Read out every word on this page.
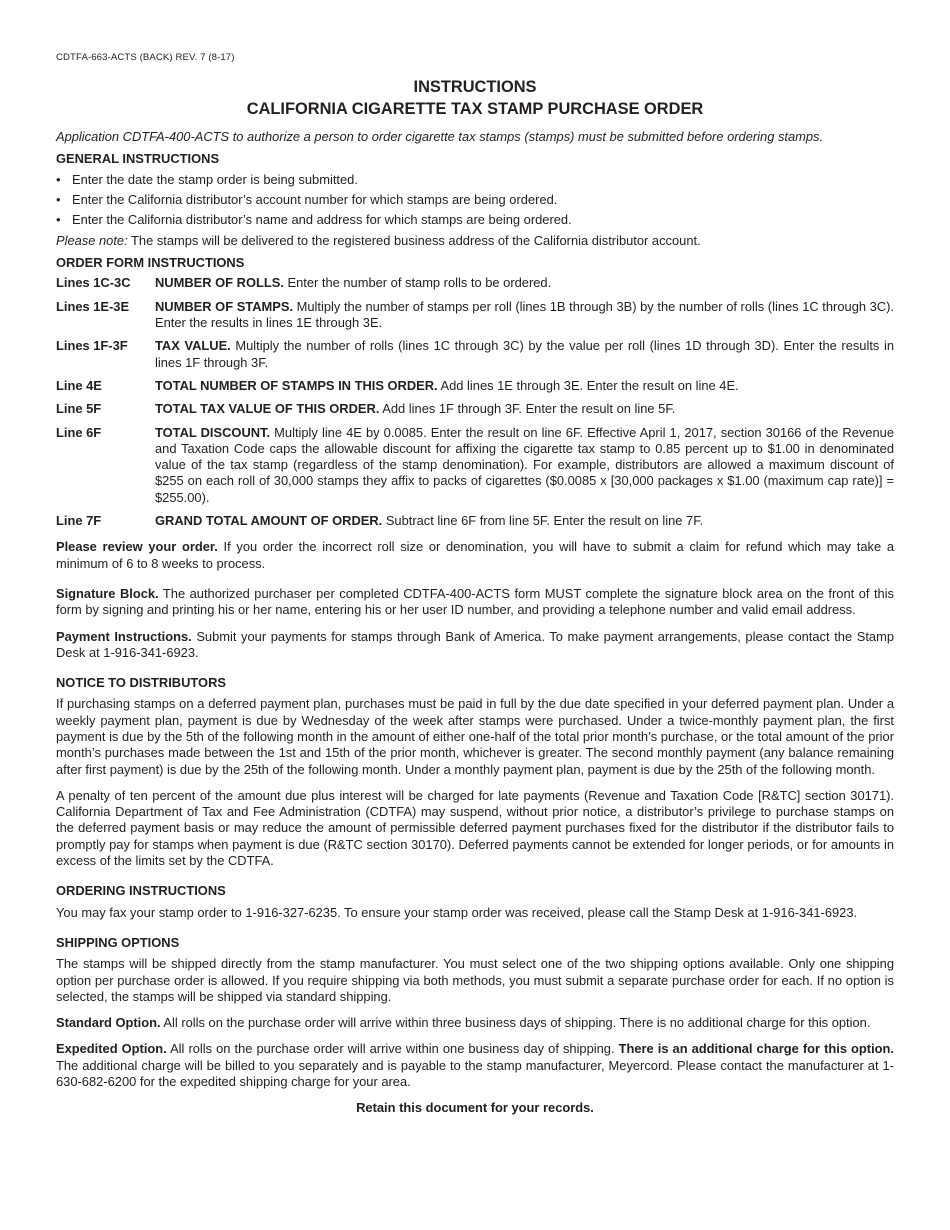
CDTFA-663-ACTS (BACK) REV. 7 (8-17)

INSTRUCTIONS
CALIFORNIA CIGARETTE TAX STAMP PURCHASE ORDER

Application CDTFA-400-ACTS to authorize a person to order cigarette tax stamps (stamps) must be submitted before ordering stamps.

GENERAL INSTRUCTIONS
• Enter the date the stamp order is being submitted.
• Enter the California distributor’s account number for which stamps are being ordered.
• Enter the California distributor’s name and address for which stamps are being ordered.

Please note: The stamps will be delivered to the registered business address of the California distributor account.

ORDER FORM INSTRUCTIONS
Lines 1C-3C	NUMBER OF ROLLS. Enter the number of stamp rolls to be ordered.
Lines 1E-3E	NUMBER OF STAMPS. Multiply the number of stamps per roll (lines 1B through 3B) by the number of rolls (lines 1C through 3C). Enter the results in lines 1E through 3E.
Lines 1F-3F	TAX VALUE. Multiply the number of rolls (lines 1C through 3C) by the value per roll (lines 1D through 3D). Enter the results in lines 1F through 3F.
Line 4E	TOTAL NUMBER OF STAMPS IN THIS ORDER. Add lines 1E through 3E. Enter the result on line 4E.
Line 5F	TOTAL TAX VALUE OF THIS ORDER. Add lines 1F through 3F. Enter the result on line 5F.
Line 6F	TOTAL DISCOUNT. Multiply line 4E by 0.0085. Enter the result on line 6F. Effective April 1, 2017, section 30166 of the Revenue and Taxation Code caps the allowable discount for affixing the cigarette tax stamp to 0.85 percent up to $1.00 in denominated value of the tax stamp (regardless of the stamp denomination). For example, distributors are allowed a maximum discount of $255 on each roll of 30,000 stamps they affix to packs of cigarettes ($0.0085 x [30,000 packages x $1.00 (maximum cap rate)] = $255.00).
Line 7F	GRAND TOTAL AMOUNT OF ORDER. Subtract line 6F from line 5F. Enter the result on line 7F.

Please review your order. If you order the incorrect roll size or denomination, you will have to submit a claim for refund which may take a minimum of 6 to 8 weeks to process.

Signature Block. The authorized purchaser per completed CDTFA-400-ACTS form MUST complete the signature block area on the front of this form by signing and printing his or her name, entering his or her user ID number, and providing a telephone number and valid email address.

Payment Instructions. Submit your payments for stamps through Bank of America. To make payment arrangements, please contact the Stamp Desk at 1-916-341-6923.

NOTICE TO DISTRIBUTORS

If purchasing stamps on a deferred payment plan, purchases must be paid in full by the due date specified in your deferred payment plan. Under a weekly payment plan, payment is due by Wednesday of the week after stamps were purchased. Under a twice-monthly payment plan, the first payment is due by the 5th of the following month in the amount of either one-half of the total prior month’s purchase, or the total amount of the prior month’s purchases made between the 1st and 15th of the prior month, whichever is greater. The second monthly payment (any balance remaining after first payment) is due by the 25th of the following month. Under a monthly payment plan, payment is due by the 25th of the following month.

A penalty of ten percent of the amount due plus interest will be charged for late payments (Revenue and Taxation Code [R&TC] section 30171). California Department of Tax and Fee Administration (CDTFA) may suspend, without prior notice, a distributor’s privilege to purchase stamps on the deferred payment basis or may reduce the amount of permissible deferred payment purchases fixed for the distributor if the distributor fails to promptly pay for stamps when payment is due (R&TC section 30170). Deferred payments cannot be extended for longer periods, or for amounts in excess of the limits set by the CDTFA.

ORDERING INSTRUCTIONS

You may fax your stamp order to 1-916-327-6235. To ensure your stamp order was received, please call the Stamp Desk at 1-916-341-6923.

SHIPPING OPTIONS

The stamps will be shipped directly from the stamp manufacturer. You must select one of the two shipping options available. Only one shipping option per purchase order is allowed. If you require shipping via both methods, you must submit a separate purchase order for each. If no option is selected, the stamps will be shipped via standard shipping.

Standard Option. All rolls on the purchase order will arrive within three business days of shipping. There is no additional charge for this option.

Expedited Option. All rolls on the purchase order will arrive within one business day of shipping. There is an additional charge for this option. The additional charge will be billed to you separately and is payable to the stamp manufacturer, Meyercord. Please contact the manufacturer at 1-630-682-6200 for the expedited shipping charge for your area.

Retain this document for your records.
